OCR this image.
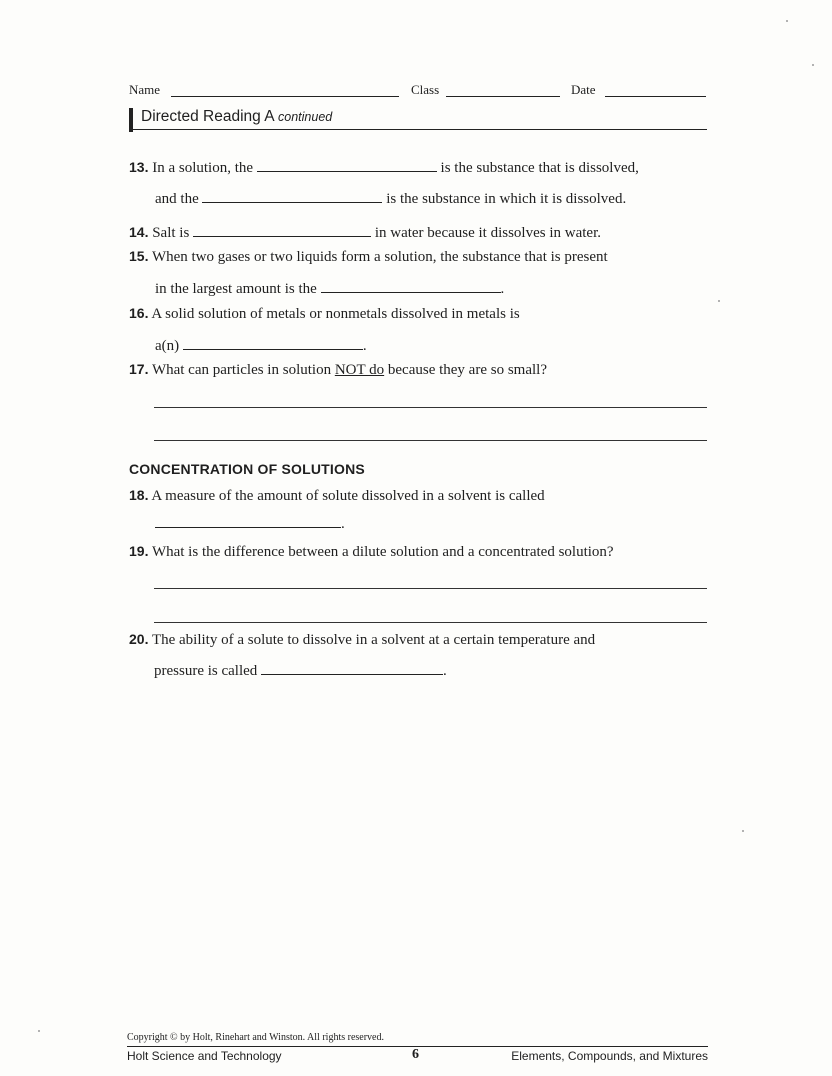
Name	Class	Date
Directed Reading A continued
13. In a solution, the	is the substance that is dissolved,
and the	is the substance in which it is dissolved.
14. Salt is	in water because it dissolves in water.
15. When two gases or two liquids form a solution, the substance that is present
in the largest amount is the	.
16. A solid solution of metals or nonmetals dissolved in metals is
a(n)	.
17. What can particles in solution NOT do because they are so small?
CONCENTRATION OF SOLUTIONS
18. A measure of the amount of solute dissolved in a solvent is called
.
19. What is the difference between a dilute solution and a concentrated solution?
20. The ability of a solute to dissolve in a solvent at a certain temperature and
pressure is called	.
Copyright © by Holt, Rinehart and Winston. All rights reserved.
Holt Science and Technology	6	Elements, Compounds, and Mixtures
